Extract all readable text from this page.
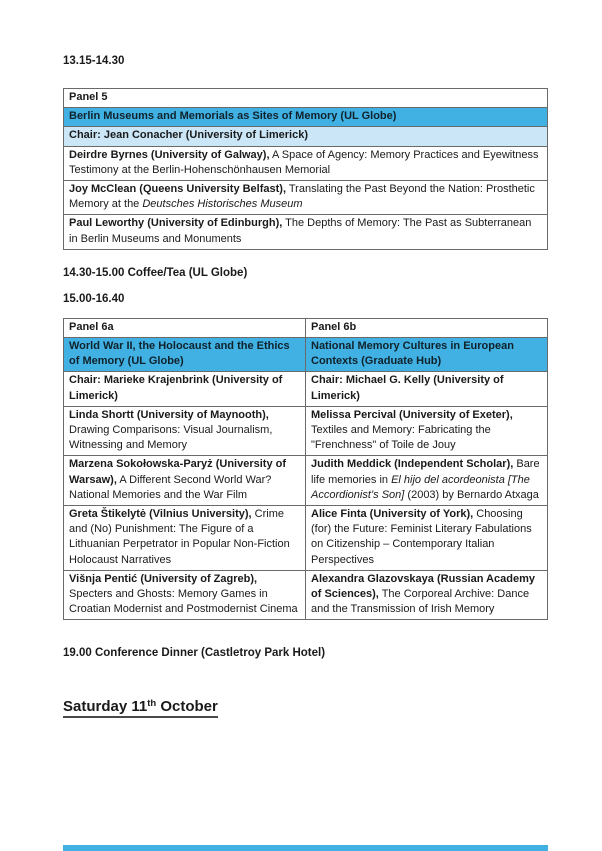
13.15-14.30
Panel 5
Berlin Museums and Memorials as Sites of Memory (UL Globe)
Chair: Jean Conacher (University of Limerick)
Deirdre Byrnes (University of Galway), A Space of Agency: Memory Practices and Eyewitness Testimony at the Berlin-Hohenschönhausen Memorial
Joy McClean (Queens University Belfast), Translating the Past Beyond the Nation: Prosthetic Memory at the Deutsches Historisches Museum
Paul Leworthy (University of Edinburgh), The Depths of Memory: The Past as Subterranean in Berlin Museums and Monuments
14.30-15.00 Coffee/Tea (UL Globe)
15.00-16.40
Panel 6a	Panel 6b
World War II, the Holocaust and the Ethics of Memory (UL Globe)	National Memory Cultures in European Contexts (Graduate Hub)
Chair: Marieke Krajenbrink (University of Limerick)	Chair: Michael G. Kelly (University of Limerick)
Linda Shortt (University of Maynooth), Drawing Comparisons: Visual Journalism, Witnessing and Memory	Melissa Percival (University of Exeter), Textiles and Memory: Fabricating the "Frenchness" of Toile de Jouy
Marzena Sokołowska-Paryż (University of Warsaw), A Different Second World War? National Memories and the War Film	Judith Meddick (Independent Scholar), Bare life memories in El hijo del acordeonista [The Accordionist’s Son] (2003) by Bernardo Atxaga
Greta Štikelytė (Vilnius University), Crime and (No) Punishment: The Figure of a Lithuanian Perpetrator in Popular Non-Fiction Holocaust Narratives	Alice Finta (University of York), Choosing (for) the Future: Feminist Literary Fabulations on Citizenship – Contemporary Italian Perspectives
Višnja Pentić (University of Zagreb), Specters and Ghosts: Memory Games in Croatian Modernist and Postmodernist Cinema	Alexandra Glazovskaya (Russian Academy of Sciences), The Corporeal Archive: Dance and the Transmission of Irish Memory
19.00 Conference Dinner (Castletroy Park Hotel)
Saturday 11th October
